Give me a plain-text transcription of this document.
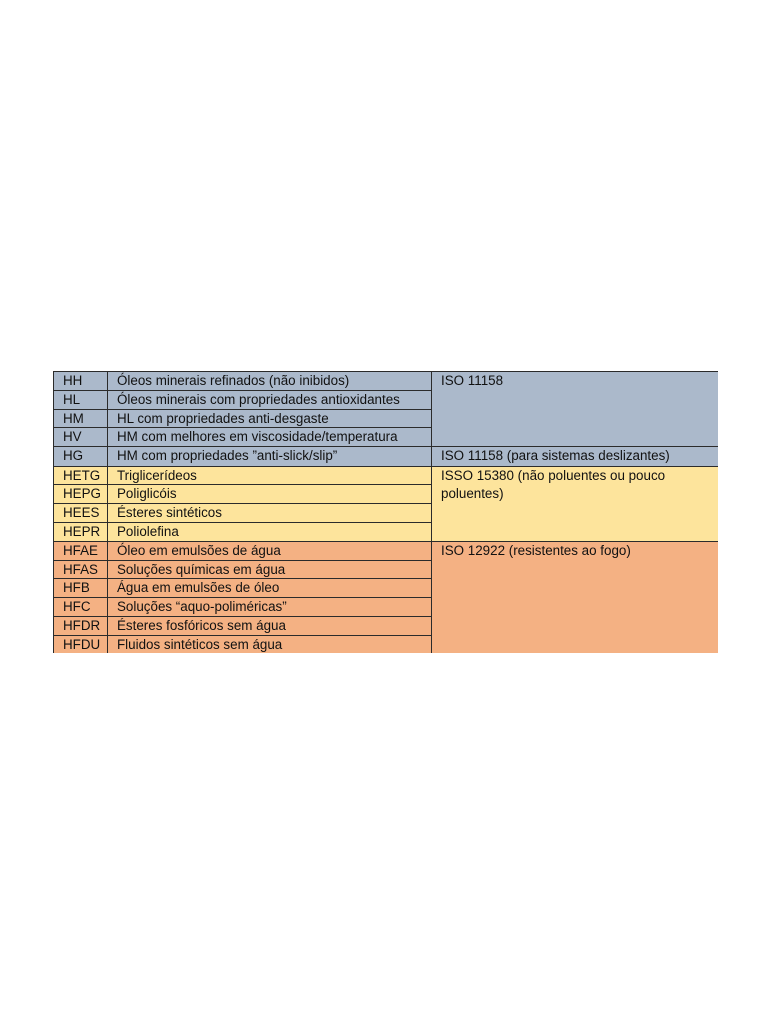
HH	Óleos minerais refinados (não inibidos)	ISO 11158
HL	Óleos minerais com propriedades antioxidantes	
HM	HL com propriedades anti-desgaste	
HV	HM com melhores em viscosidade/temperatura	
HG	HM com propriedades ”anti-slick/slip”	ISO 11158 (para sistemas deslizantes)
HETG	Triglicerídeos	ISSO 15380 (não poluentes ou pouco poluentes)
HEPG	Poliglicóis	
HEES	Ésteres sintéticos	
HEPR	Poliolefina	
HFAE	Óleo em emulsões de água	ISO 12922 (resistentes ao fogo)
HFAS	Soluções químicas em água	
HFB	Água em emulsões de óleo	
HFC	Soluções “aquo-poliméricas”	
HFDR	Ésteres fosfóricos sem água	
HFDU	Fluidos sintéticos sem água	
